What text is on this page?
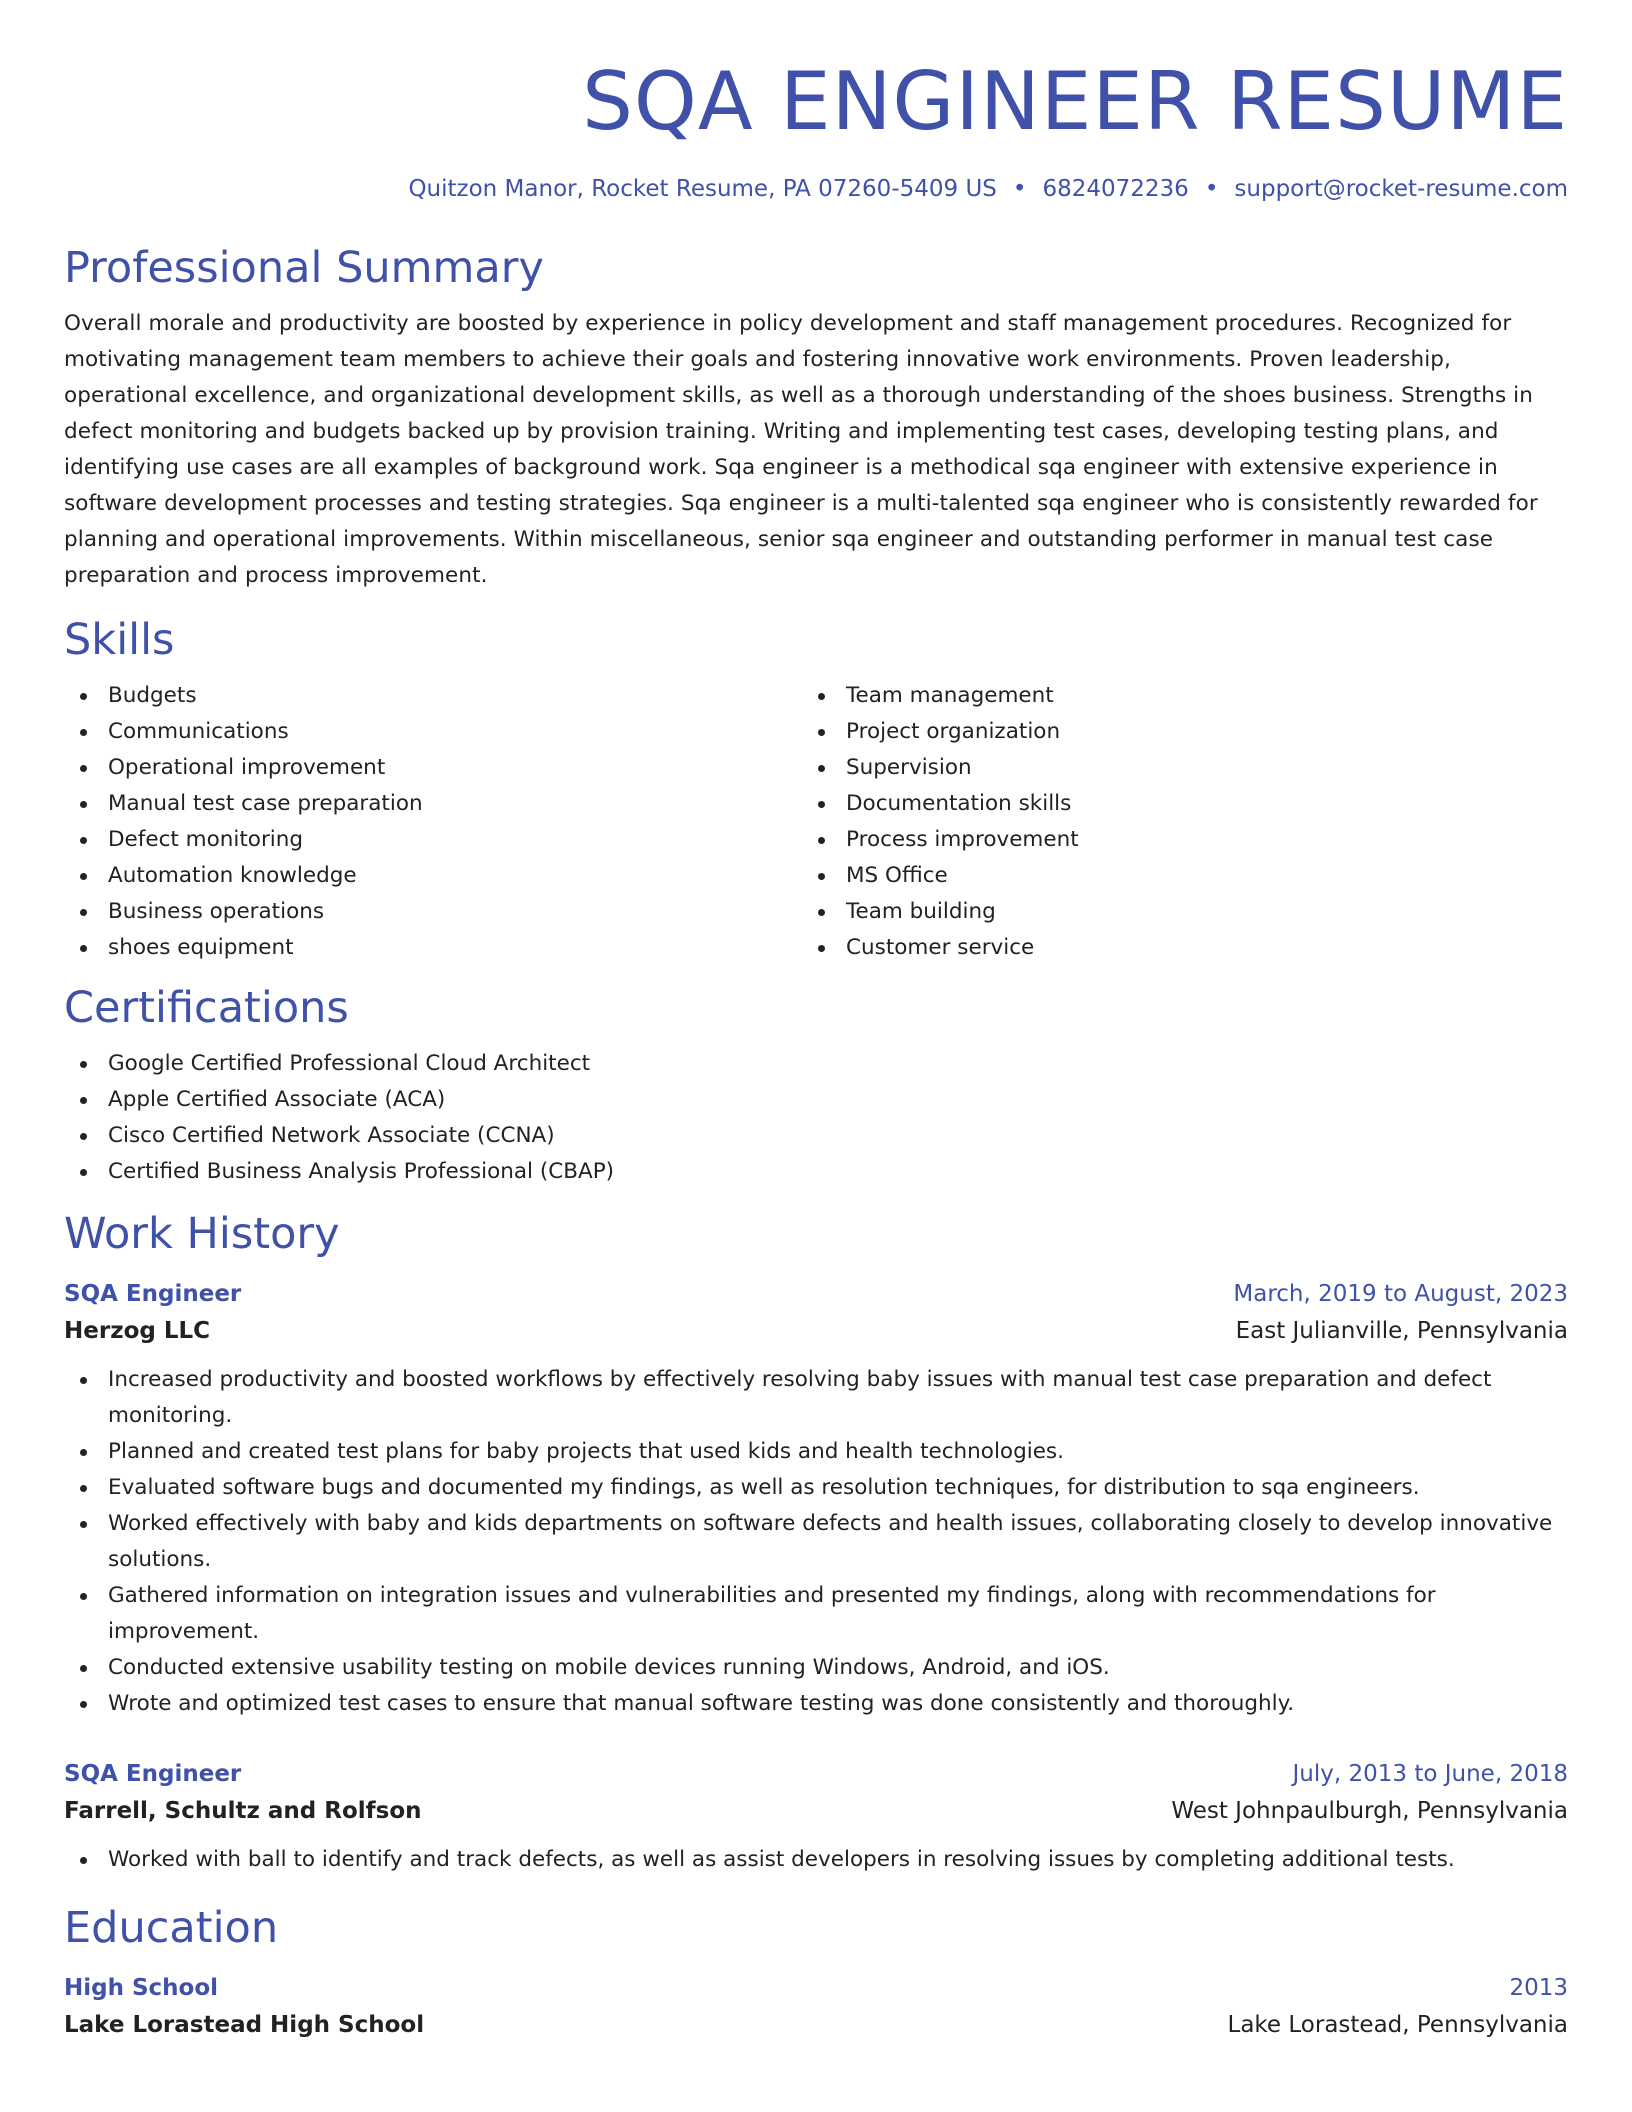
SQA ENGINEER RESUME
Quitzon Manor, Rocket Resume, PA 07260-5409 US • 6824072236 • support@rocket-resume.com
Professional Summary

Overall morale and productivity are boosted by experience in policy development and staff management procedures. Recognized for motivating management team members to achieve their goals and fostering innovative work environments. Proven leadership, operational excellence, and organizational development skills, as well as a thorough understanding of the shoes business. Strengths in defect monitoring and budgets backed up by provision training. Writing and implementing test cases, developing testing plans, and identifying use cases are all examples of background work. Sqa engineer is a methodical sqa engineer with extensive experience in software development processes and testing strategies. Sqa engineer is a multi-talented sqa engineer who is consistently rewarded for planning and operational improvements. Within miscellaneous, senior sqa engineer and outstanding performer in manual test case preparation and process improvement.

Skills
Budgets
Communications
Operational improvement
Manual test case preparation
Defect monitoring
Automation knowledge
Business operations
shoes equipment
Team management
Project organization
Supervision
Documentation skills
Process improvement
MS Office
Team building
Customer service
Certifications
Google Certified Professional Cloud Architect
Apple Certified Associate (ACA)
Cisco Certified Network Associate (CCNA)
Certified Business Analysis Professional (CBAP)
Work History
SQA Engineer	March, 2019 to August, 2023
Herzog LLC	East Julianville, Pennsylvania
Increased productivity and boosted workflows by effectively resolving baby issues with manual test case preparation and defect monitoring.
Planned and created test plans for baby projects that used kids and health technologies.
Evaluated software bugs and documented my findings, as well as resolution techniques, for distribution to sqa engineers.
Worked effectively with baby and kids departments on software defects and health issues, collaborating closely to develop innovative solutions.
Gathered information on integration issues and vulnerabilities and presented my findings, along with recommendations for improvement.
Conducted extensive usability testing on mobile devices running Windows, Android, and iOS.
Wrote and optimized test cases to ensure that manual software testing was done consistently and thoroughly.
SQA Engineer	July, 2013 to June, 2018
Farrell, Schultz and Rolfson	West Johnpaulburgh, Pennsylvania
Worked with ball to identify and track defects, as well as assist developers in resolving issues by completing additional tests.
Education
High School	2013
Lake Lorastead High School	Lake Lorastead, Pennsylvania
